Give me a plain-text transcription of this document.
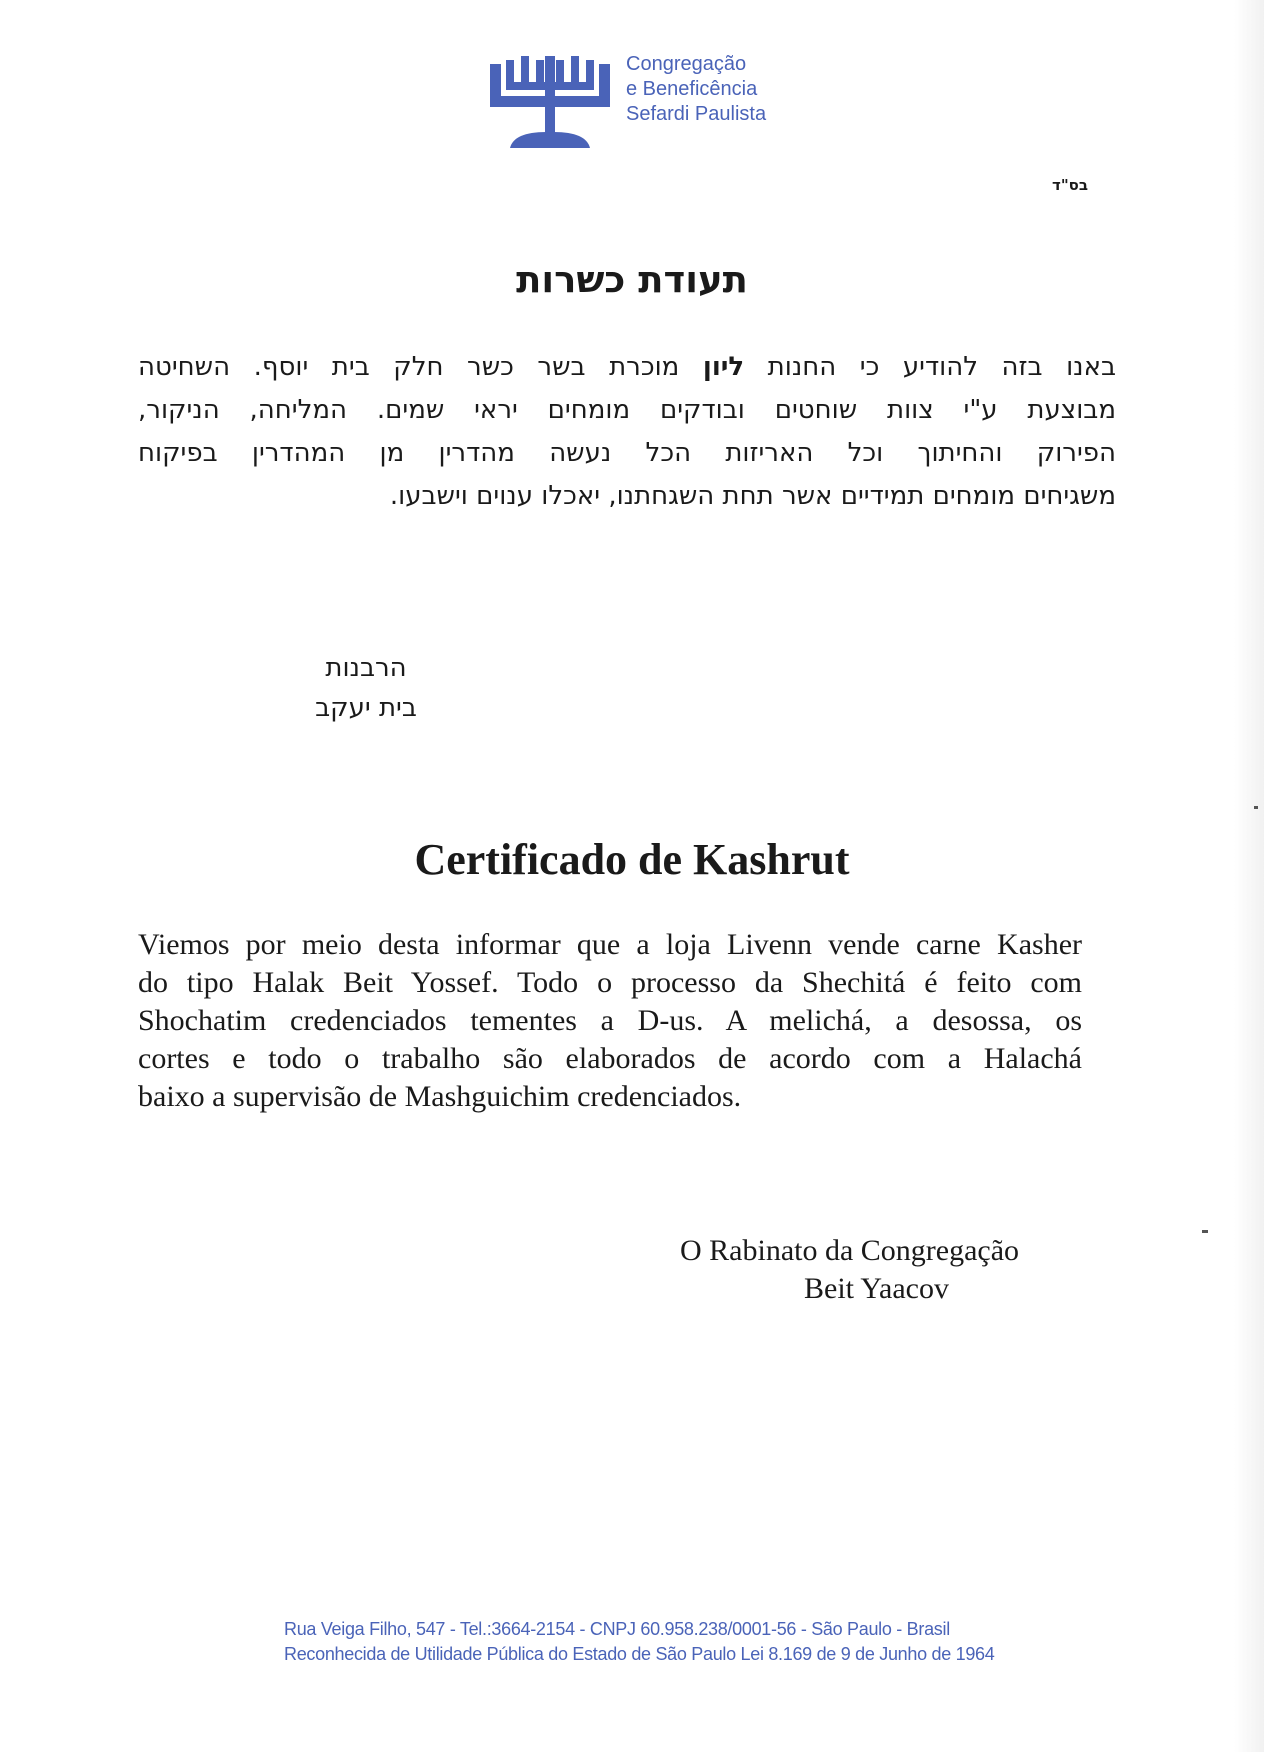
Congregação
e Beneficência
Sefardi Paulista
בס"ד
תעודת כשרות
באנו בזה להודיע כי החנות ליון מוכרת בשר כשר חלק בית יוסף. השחיטה
מבוצעת ע"י צוות שוחטים ובודקים מומחים יראי שמים. המליחה, הניקור,
הפירוק והחיתוך וכל האריזות הכל נעשה מהדרין מן המהדרין בפיקוח
משגיחים מומחים תמידיים אשר תחת השגחתנו, יאכלו ענוים וישבעו.
הרבנות
בית יעקב
Certificado de Kashrut
Viemos por meio desta informar que a loja Livenn vende carne Kasher
do tipo Halak Beit Yossef. Todo o processo da Shechitá é feito com
Shochatim credenciados tementes a D-us. A melichá, a desossa, os
cortes e todo o trabalho são elaborados de acordo com a Halachá
baixo a supervisão de Mashguichim credenciados.
O Rabinato da Congregação
Beit Yaacov
Rua Veiga Filho, 547 - Tel.:3664-2154 - CNPJ 60.958.238/0001-56 - São Paulo - Brasil
Reconhecida de Utilidade Pública do Estado de São Paulo Lei 8.169 de 9 de Junho de 1964
